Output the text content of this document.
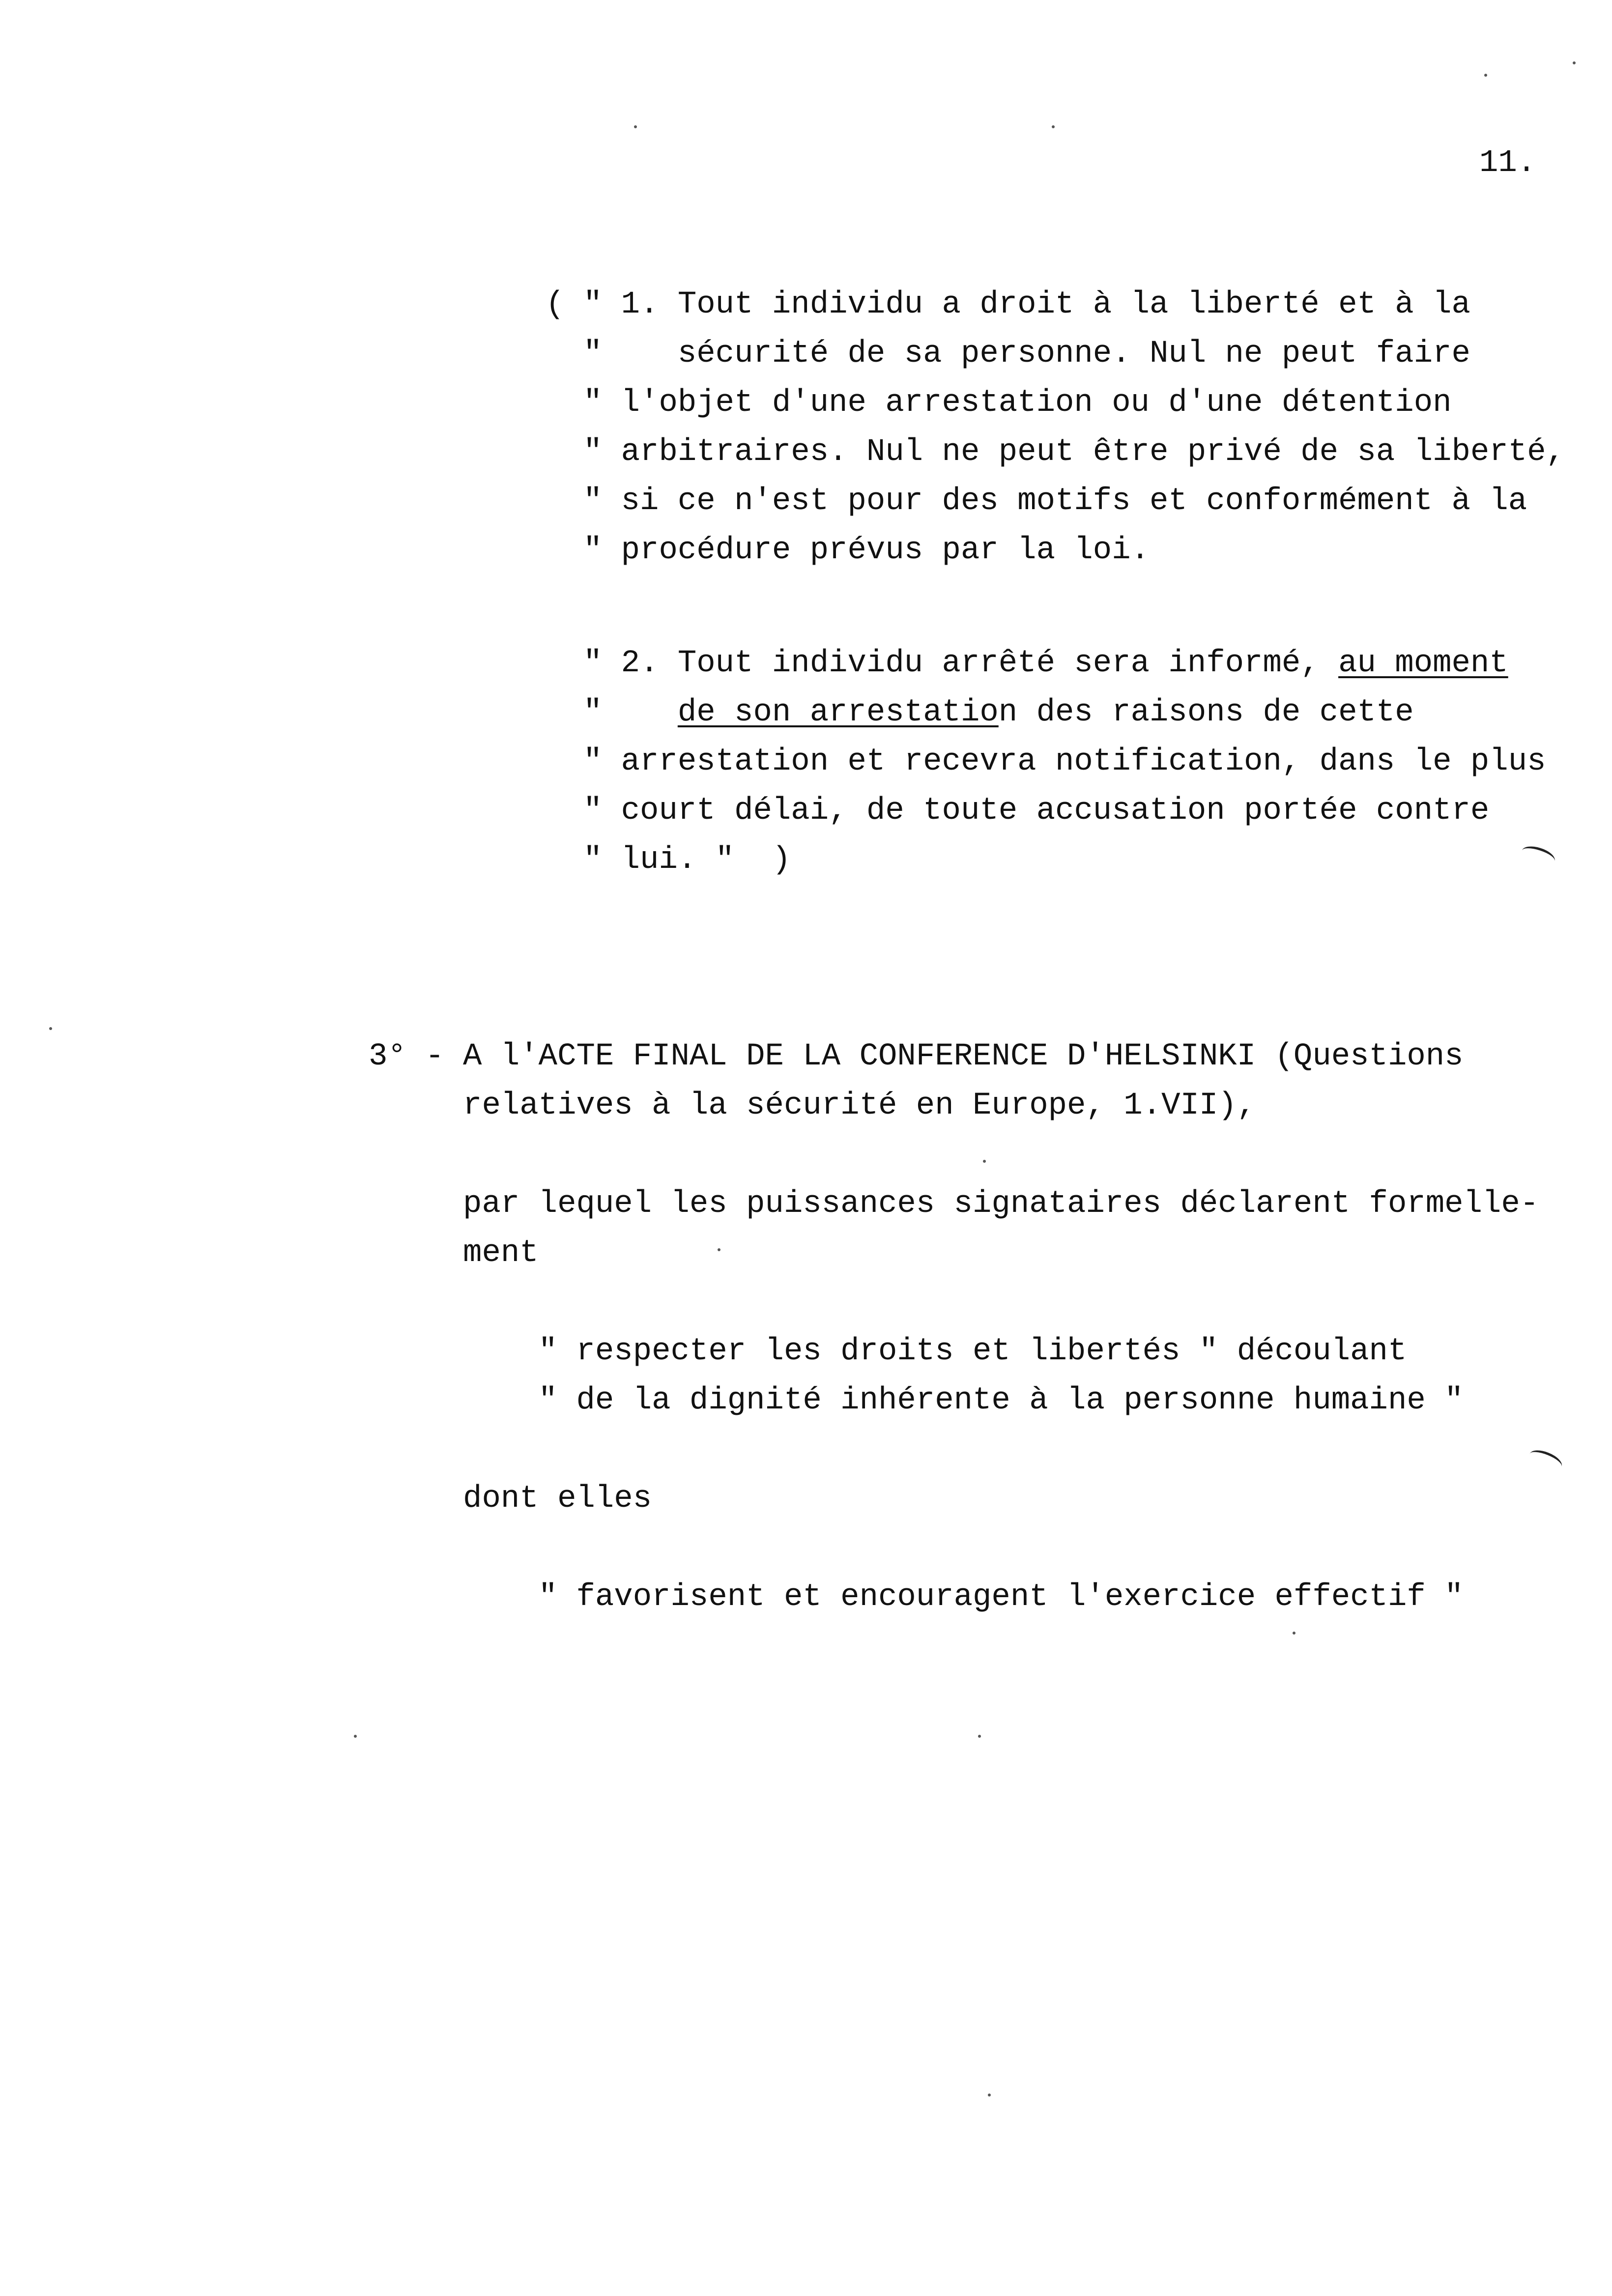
11.
( " 1. Tout individu a droit à la liberté et à la
"    sécurité de sa personne. Nul ne peut faire
" l'objet d'une arrestation ou d'une détention
" arbitraires. Nul ne peut être privé de sa liberté,
" si ce n'est pour des motifs et conformément à la
" procédure prévus par la loi.
" 2. Tout individu arrêté sera informé, au moment
"    de son arrestation des raisons de cette
" arrestation et recevra notification, dans le plus
" court délai, de toute accusation portée contre
" lui. "  )
3° - A l'ACTE FINAL DE LA CONFERENCE D'HELSINKI (Questions
relatives à la sécurité en Europe, 1.VII),
par lequel les puissances signataires déclarent formelle-
ment
" respecter les droits et libertés " découlant
" de la dignité inhérente à la personne humaine "
dont elles
" favorisent et encouragent l'exercice effectif "
